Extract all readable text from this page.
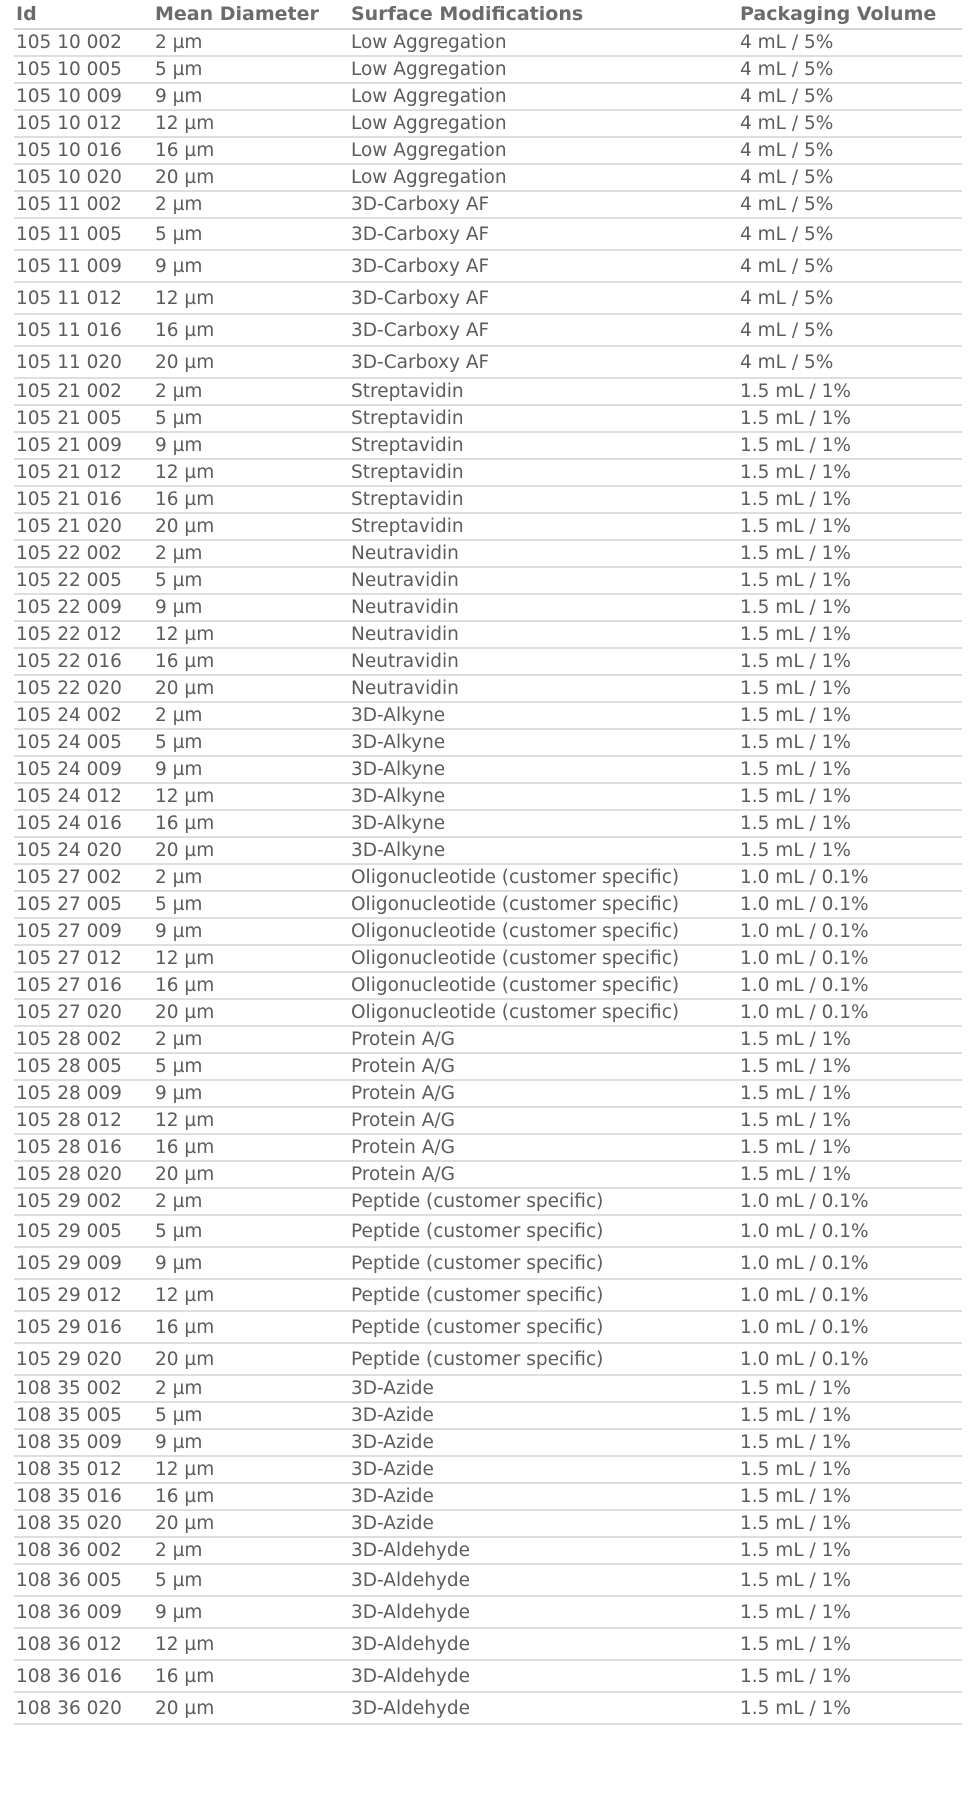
Id	Mean Diameter	Surface Modifications	Packaging Volume
105 10 002	2 µm	Low Aggregation	4 mL / 5%
105 10 005	5 µm	Low Aggregation	4 mL / 5%
105 10 009	9 µm	Low Aggregation	4 mL / 5%
105 10 012	12 µm	Low Aggregation	4 mL / 5%
105 10 016	16 µm	Low Aggregation	4 mL / 5%
105 10 020	20 µm	Low Aggregation	4 mL / 5%
105 11 002	2 µm	3D-Carboxy AF	4 mL / 5%
105 11 005	5 µm	3D-Carboxy AF	4 mL / 5%
105 11 009	9 µm	3D-Carboxy AF	4 mL / 5%
105 11 012	12 µm	3D-Carboxy AF	4 mL / 5%
105 11 016	16 µm	3D-Carboxy AF	4 mL / 5%
105 11 020	20 µm	3D-Carboxy AF	4 mL / 5%
105 21 002	2 µm	Streptavidin	1.5 mL / 1%
105 21 005	5 µm	Streptavidin	1.5 mL / 1%
105 21 009	9 µm	Streptavidin	1.5 mL / 1%
105 21 012	12 µm	Streptavidin	1.5 mL / 1%
105 21 016	16 µm	Streptavidin	1.5 mL / 1%
105 21 020	20 µm	Streptavidin	1.5 mL / 1%
105 22 002	2 µm	Neutravidin	1.5 mL / 1%
105 22 005	5 µm	Neutravidin	1.5 mL / 1%
105 22 009	9 µm	Neutravidin	1.5 mL / 1%
105 22 012	12 µm	Neutravidin	1.5 mL / 1%
105 22 016	16 µm	Neutravidin	1.5 mL / 1%
105 22 020	20 µm	Neutravidin	1.5 mL / 1%
105 24 002	2 µm	3D-Alkyne	1.5 mL / 1%
105 24 005	5 µm	3D-Alkyne	1.5 mL / 1%
105 24 009	9 µm	3D-Alkyne	1.5 mL / 1%
105 24 012	12 µm	3D-Alkyne	1.5 mL / 1%
105 24 016	16 µm	3D-Alkyne	1.5 mL / 1%
105 24 020	20 µm	3D-Alkyne	1.5 mL / 1%
105 27 002	2 µm	Oligonucleotide (customer specific)	1.0 mL / 0.1%
105 27 005	5 µm	Oligonucleotide (customer specific)	1.0 mL / 0.1%
105 27 009	9 µm	Oligonucleotide (customer specific)	1.0 mL / 0.1%
105 27 012	12 µm	Oligonucleotide (customer specific)	1.0 mL / 0.1%
105 27 016	16 µm	Oligonucleotide (customer specific)	1.0 mL / 0.1%
105 27 020	20 µm	Oligonucleotide (customer specific)	1.0 mL / 0.1%
105 28 002	2 µm	Protein A/G	1.5 mL / 1%
105 28 005	5 µm	Protein A/G	1.5 mL / 1%
105 28 009	9 µm	Protein A/G	1.5 mL / 1%
105 28 012	12 µm	Protein A/G	1.5 mL / 1%
105 28 016	16 µm	Protein A/G	1.5 mL / 1%
105 28 020	20 µm	Protein A/G	1.5 mL / 1%
105 29 002	2 µm	Peptide (customer specific)	1.0 mL / 0.1%
105 29 005	5 µm	Peptide (customer specific)	1.0 mL / 0.1%
105 29 009	9 µm	Peptide (customer specific)	1.0 mL / 0.1%
105 29 012	12 µm	Peptide (customer specific)	1.0 mL / 0.1%
105 29 016	16 µm	Peptide (customer specific)	1.0 mL / 0.1%
105 29 020	20 µm	Peptide (customer specific)	1.0 mL / 0.1%
108 35 002	2 µm	3D-Azide	1.5 mL / 1%
108 35 005	5 µm	3D-Azide	1.5 mL / 1%
108 35 009	9 µm	3D-Azide	1.5 mL / 1%
108 35 012	12 µm	3D-Azide	1.5 mL / 1%
108 35 016	16 µm	3D-Azide	1.5 mL / 1%
108 35 020	20 µm	3D-Azide	1.5 mL / 1%
108 36 002	2 µm	3D-Aldehyde	1.5 mL / 1%
108 36 005	5 µm	3D-Aldehyde	1.5 mL / 1%
108 36 009	9 µm	3D-Aldehyde	1.5 mL / 1%
108 36 012	12 µm	3D-Aldehyde	1.5 mL / 1%
108 36 016	16 µm	3D-Aldehyde	1.5 mL / 1%
108 36 020	20 µm	3D-Aldehyde	1.5 mL / 1%
